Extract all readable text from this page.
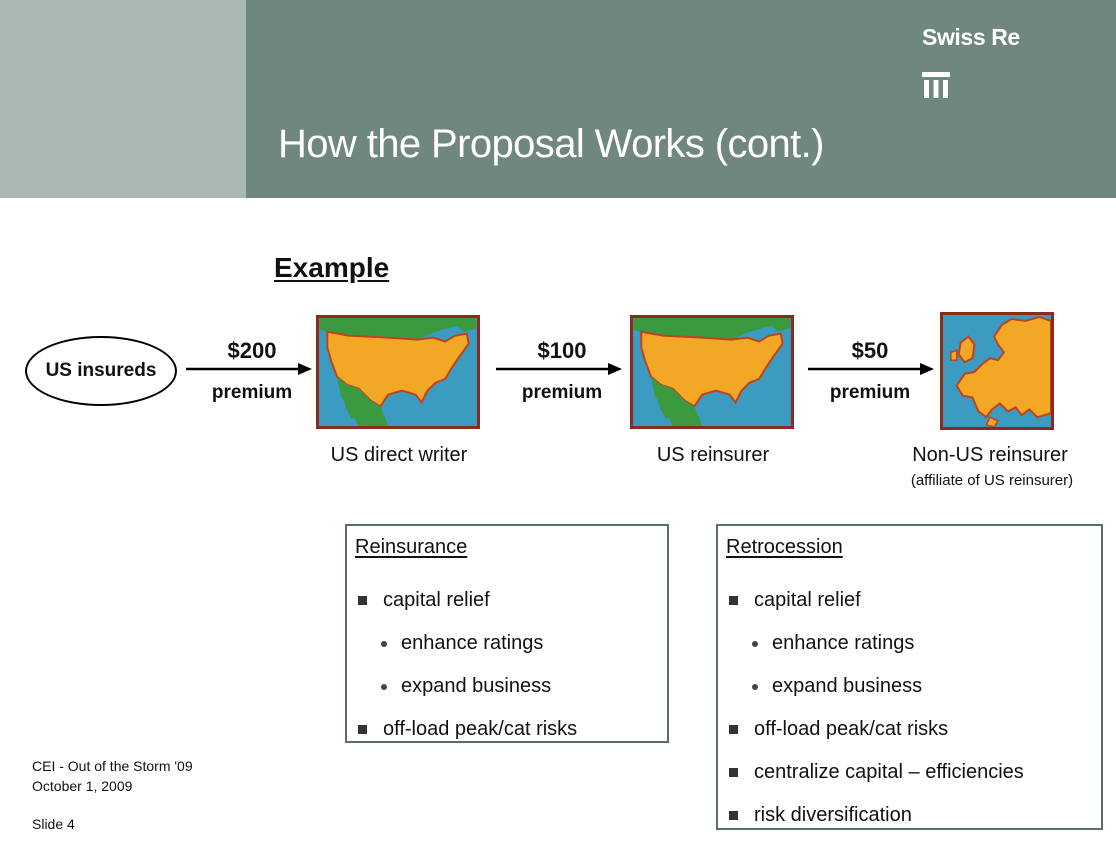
How the Proposal Works (cont.)
Swiss Re
Example
US insureds
$200
premium
$100
premium
$50
premium
US direct writer	US reinsurer	Non-US reinsurer
(affiliate of US reinsurer)
Reinsurance
capital relief
enhance ratings
expand business
off-load peak/cat risks
Retrocession
capital relief
enhance ratings
expand business
off-load peak/cat risks
centralize capital – efficiencies
risk diversification
CEI - Out of the Storm '09
October 1, 2009
Slide 4
